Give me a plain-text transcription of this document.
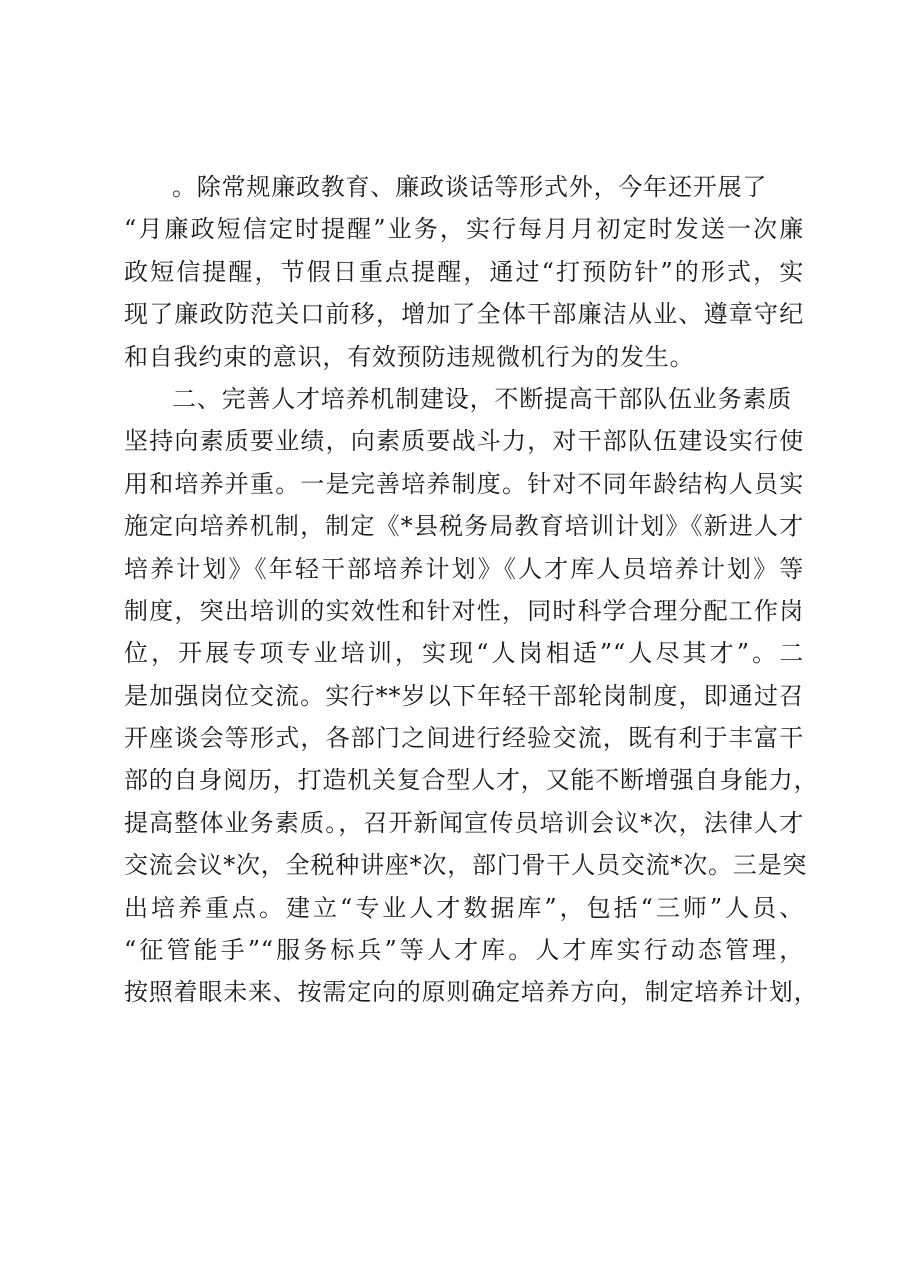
。除常规廉政教育、廉政谈话等形式外，今年还开展了
“月廉政短信定时提醒”业务，实行每月月初定时发送一次廉
政短信提醒，节假日重点提醒，通过“打预防针”的形式，实
现了廉政防范关口前移，增加了全体干部廉洁从业、遵章守纪
和自我约束的意识，有效预防违规微机行为的发生。
二、完善人才培养机制建设，不断提高干部队伍业务素质
坚持向素质要业绩，向素质要战斗力，对干部队伍建设实行使
用和培养并重。一是完善培养制度。针对不同年龄结构人员实
施定向培养机制，制定《*县税务局教育培训计划》《新进人才
培养计划》《年轻干部培养计划》《人才库人员培养计划》等
制度，突出培训的实效性和针对性，同时科学合理分配工作岗
位，开展专项专业培训，实现“人岗相适”“人尽其才”。二
是加强岗位交流。实行**岁以下年轻干部轮岗制度，即通过召
开座谈会等形式，各部门之间进行经验交流，既有利于丰富干
部的自身阅历，打造机关复合型人才，又能不断增强自身能力，
提高整体业务素质。，召开新闻宣传员培训会议*次，法律人才
交流会议*次，全税种讲座*次，部门骨干人员交流*次。三是突
出培养重点。建立“专业人才数据库”，包括“三师”人员、
“征管能手”“服务标兵”等人才库。人才库实行动态管理，
按照着眼未来、按需定向的原则确定培养方向，制定培养计划，
